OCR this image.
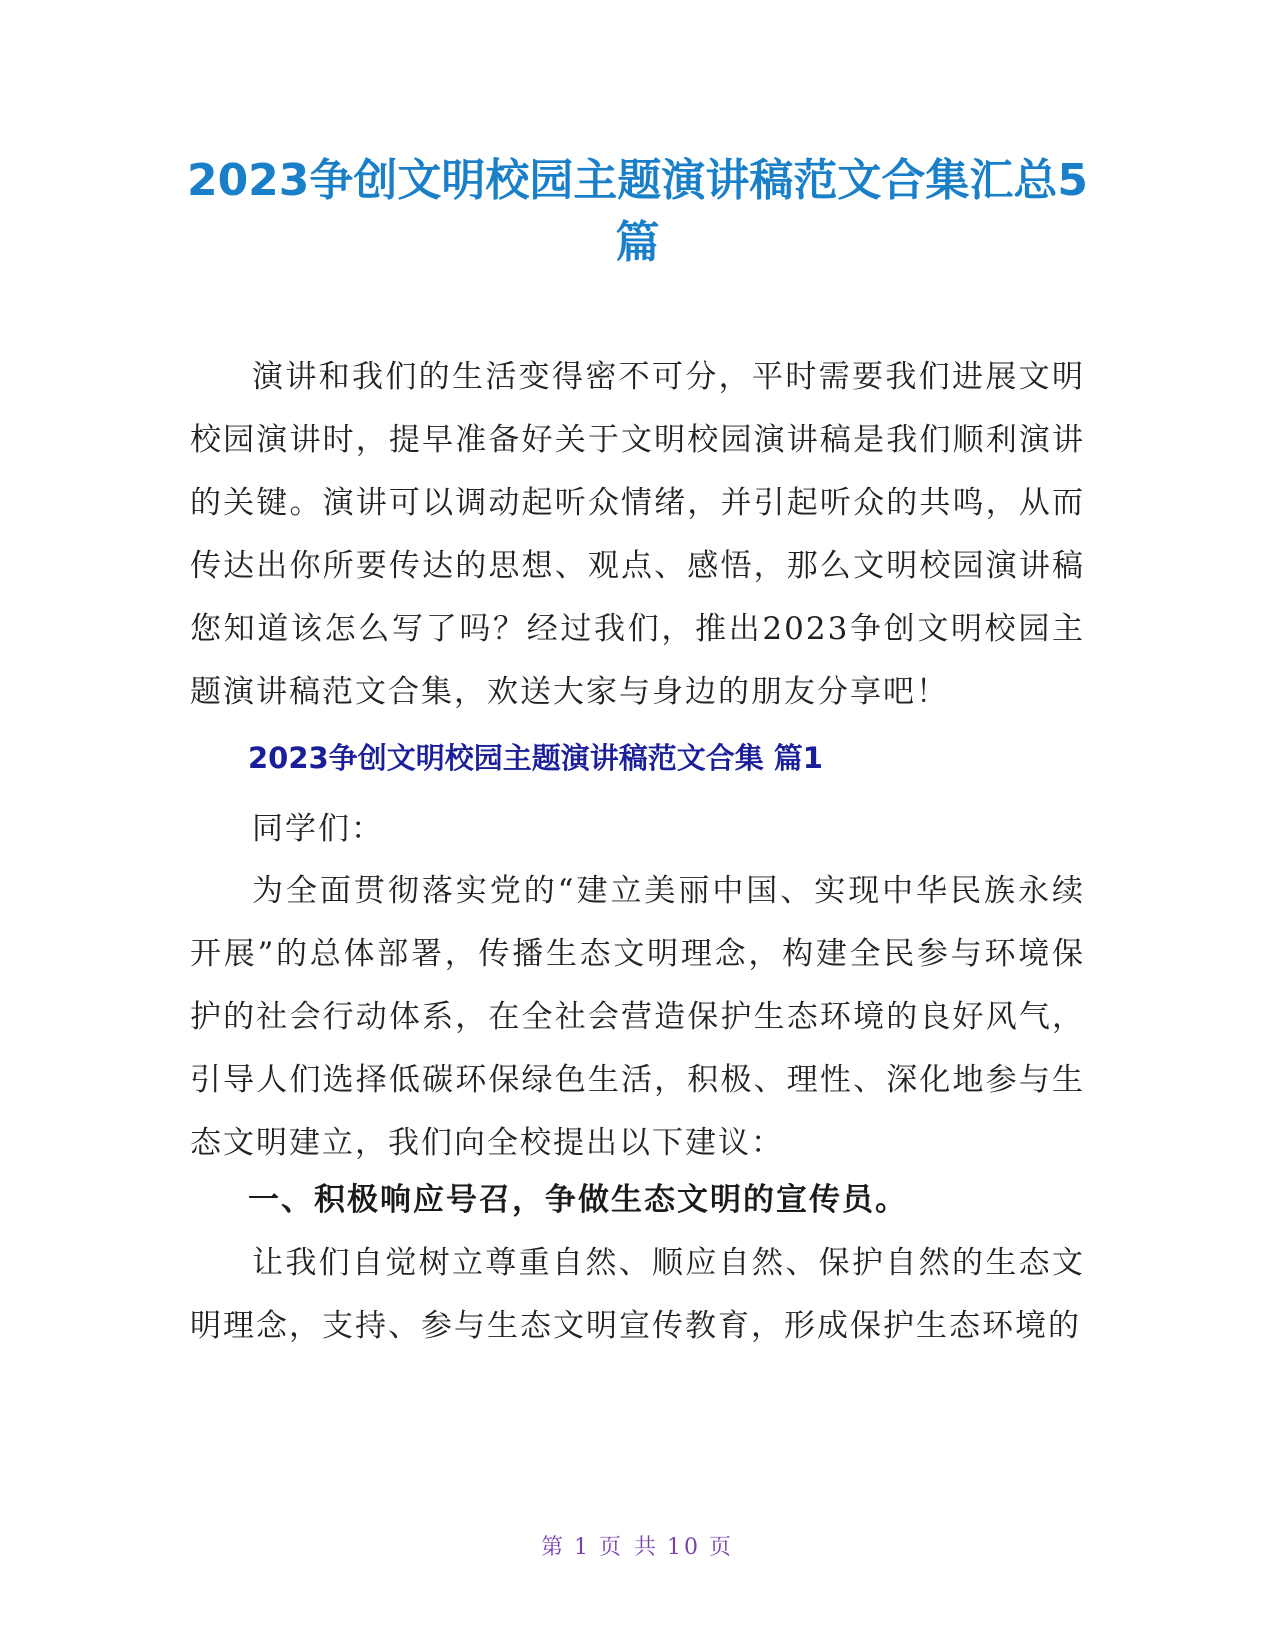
2023争创文明校园主题演讲稿范文合集汇总5篇
演讲和我们的生活变得密不可分，平时需要我们进展文明校园演讲时，提早准备好关于文明校园演讲稿是我们顺利演讲的关键。演讲可以调动起听众情绪，并引起听众的共鸣，从而传达出你所要传达的思想、观点、感悟，那么文明校园演讲稿您知道该怎么写了吗？经过我们，推出2023争创文明校园主题演讲稿范文合集，欢送大家与身边的朋友分享吧！
2023争创文明校园主题演讲稿范文合集 篇1
同学们：
为全面贯彻落实党的“建立美丽中国、实现中华民族永续开展”的总体部署，传播生态文明理念，构建全民参与环境保护的社会行动体系，在全社会营造保护生态环境的良好风气，引导人们选择低碳环保绿色生活，积极、理性、深化地参与生态文明建立，我们向全校提出以下建议：
一、积极响应号召，争做生态文明的宣传员。
让我们自觉树立尊重自然、顺应自然、保护自然的生态文明理念，支持、参与生态文明宣传教育，形成保护生态环境的
第 1 页 共 10 页
